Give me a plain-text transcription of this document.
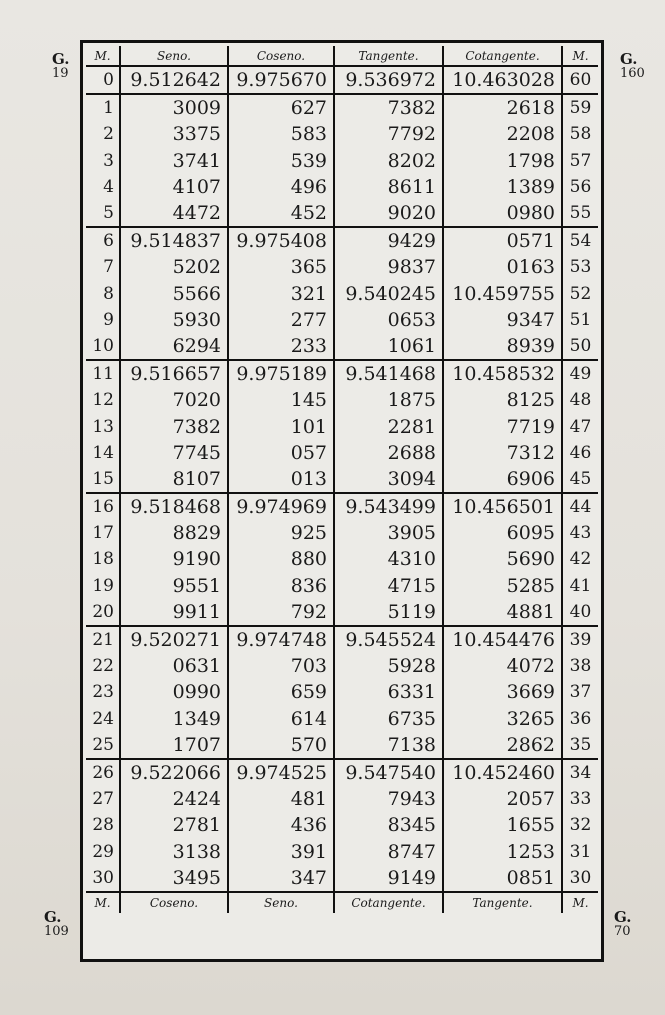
G.
19
G.
160
G.
109
G.
70
M.	Seno.	Coseno.	Tangente.	Cotangente.	M.
0	9.512642	9.975670	9.536972	10.463028	60
1	3009	627	7382	2618	59
2	3375	583	7792	2208	58
3	3741	539	8202	1798	57
4	4107	496	8611	1389	56
5	4472	452	9020	0980	55
6	9.514837	9.975408	9429	0571	54
7	5202	365	9837	0163	53
8	5566	321	9.540245	10.459755	52
9	5930	277	0653	9347	51
10	6294	233	1061	8939	50
11	9.516657	9.975189	9.541468	10.458532	49
12	7020	145	1875	8125	48
13	7382	101	2281	7719	47
14	7745	057	2688	7312	46
15	8107	013	3094	6906	45
16	9.518468	9.974969	9.543499	10.456501	44
17	8829	925	3905	6095	43
18	9190	880	4310	5690	42
19	9551	836	4715	5285	41
20	9911	792	5119	4881	40
21	9.520271	9.974748	9.545524	10.454476	39
22	0631	703	5928	4072	38
23	0990	659	6331	3669	37
24	1349	614	6735	3265	36
25	1707	570	7138	2862	35
26	9.522066	9.974525	9.547540	10.452460	34
27	2424	481	7943	2057	33
28	2781	436	8345	1655	32
29	3138	391	8747	1253	31
30	3495	347	9149	0851	30
M.	Coseno.	Seno.	Cotangente.	Tangente.	M.
